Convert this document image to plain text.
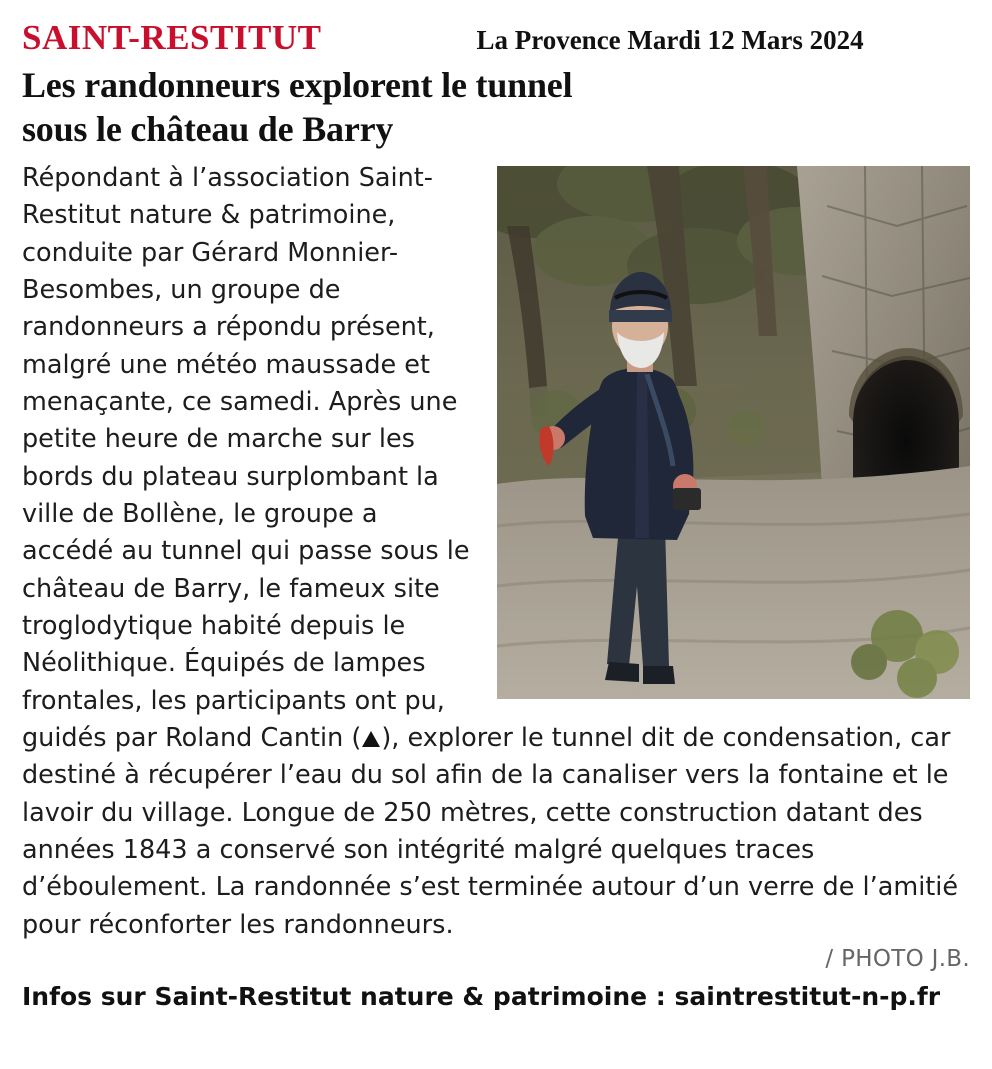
SAINT-RESTITUT	La Provence Mardi 12 Mars 2024
Les randonneurs explorent le tunnel
sous le château de Barry

Répondant à l’association Saint-Restitut nature & patrimoine, conduite par Gérard Monnier-Besombes, un groupe de randonneurs a répondu présent, malgré une météo maussade et menaçante, ce samedi. Après une petite heure de marche sur les bords du plateau surplombant la ville de Bollène, le groupe a accédé au tunnel qui passe sous le château de Barry, le fameux site troglodytique habité depuis le Néolithique. Équipés de lampes frontales, les participants ont pu, guidés par Roland Cantin ( ), explorer le tunnel dit de condensation, car destiné à récupérer l’eau du sol afin de la canaliser vers la fontaine et le lavoir du village. Longue de 250 mètres, cette construction datant des années 1843 a conservé son intégrité malgré quelques traces d’éboulement. La randonnée s’est terminée autour d’un verre de l’amitié pour réconforter les randonneurs.

/ PHOTO J.B.
Infos sur Saint-Restitut nature & patrimoine : saintrestitut-n-p.fr
